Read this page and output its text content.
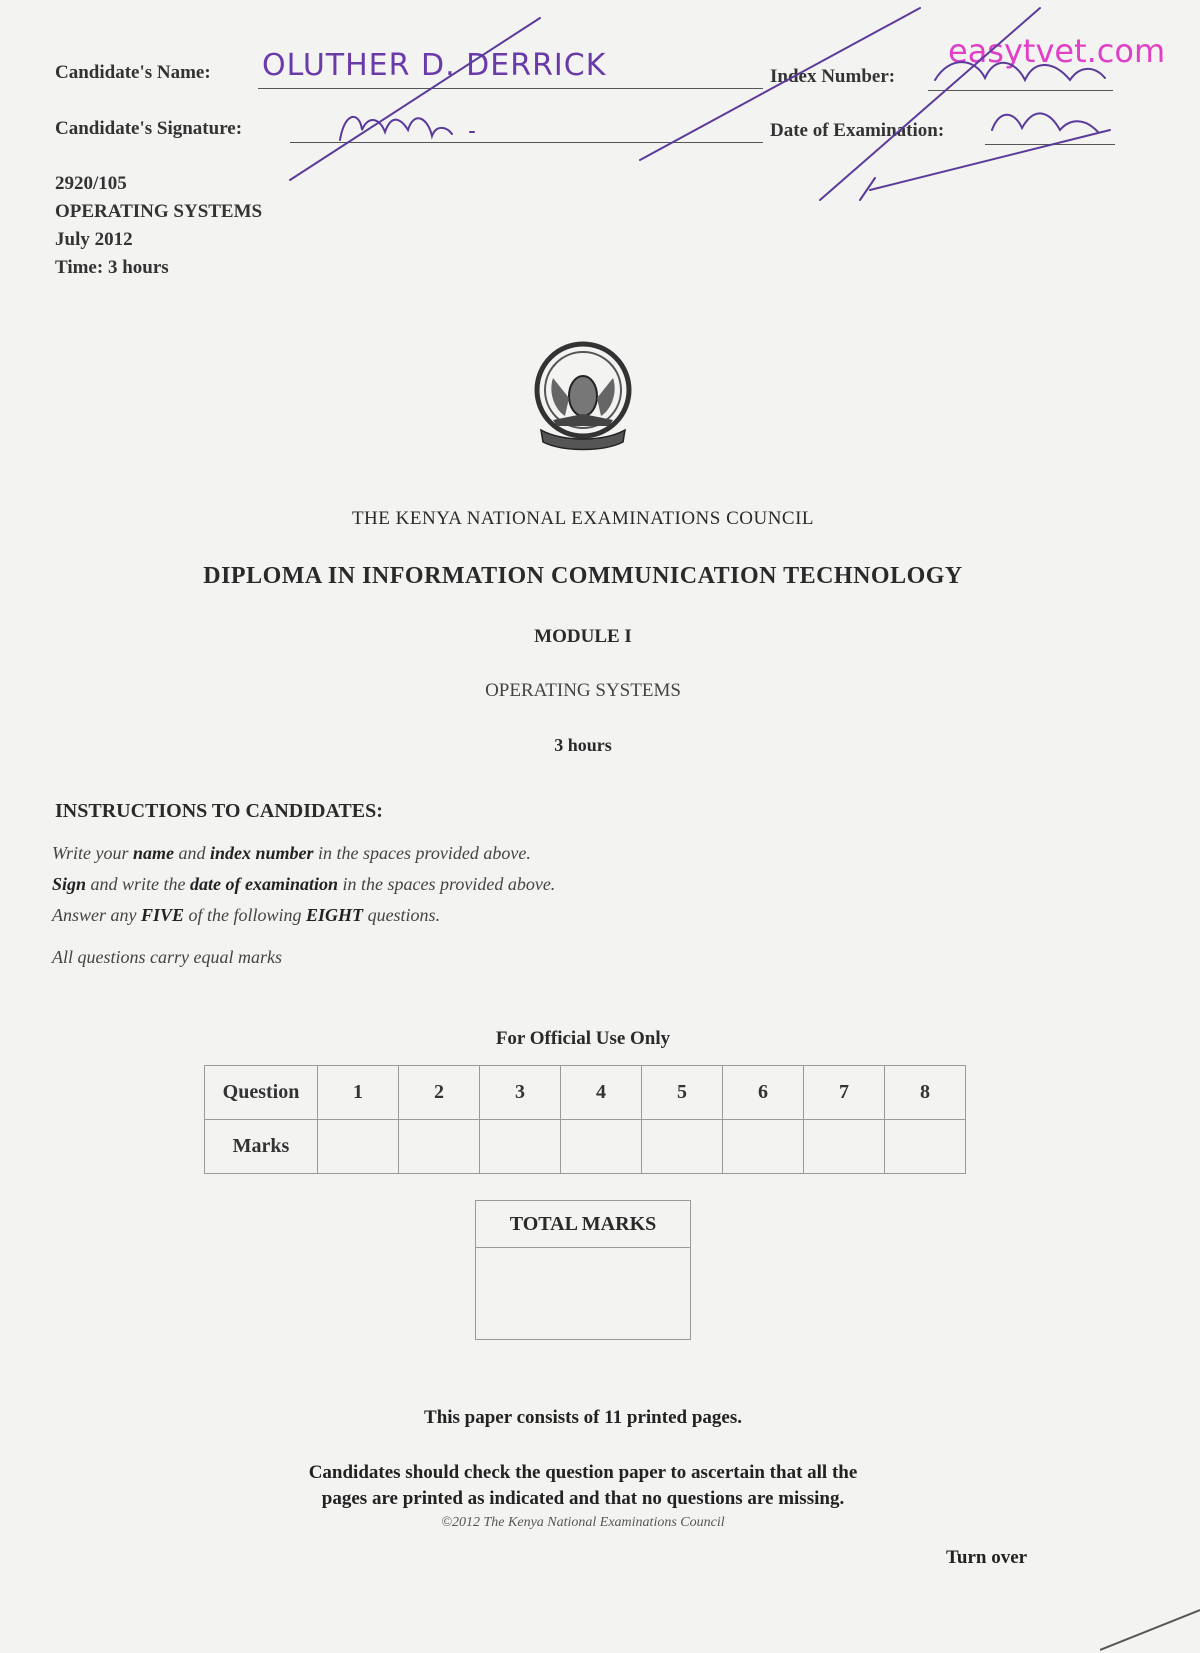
easytvet.com
Candidate's Name: OLUTHER D. DERRICK	Index Number:
Candidate's Signature:	Date of Examination:
2920/105
OPERATING SYSTEMS
July 2012
Time: 3 hours
THE KENYA NATIONAL EXAMINATIONS COUNCIL
DIPLOMA IN INFORMATION COMMUNICATION TECHNOLOGY
MODULE I
OPERATING SYSTEMS
3 hours
INSTRUCTIONS TO CANDIDATES:
Write your name and index number in the spaces provided above.
Sign and write the date of examination in the spaces provided above.
Answer any FIVE of the following EIGHT questions.
All questions carry equal marks
For Official Use Only
Question	1	2	3	4	5	6	7	8
Marks								
TOTAL MARKS
This paper consists of 11 printed pages.
Candidates should check the question paper to ascertain that all the
pages are printed as indicated and that no questions are missing.
©2012 The Kenya National Examinations Council
Turn over
